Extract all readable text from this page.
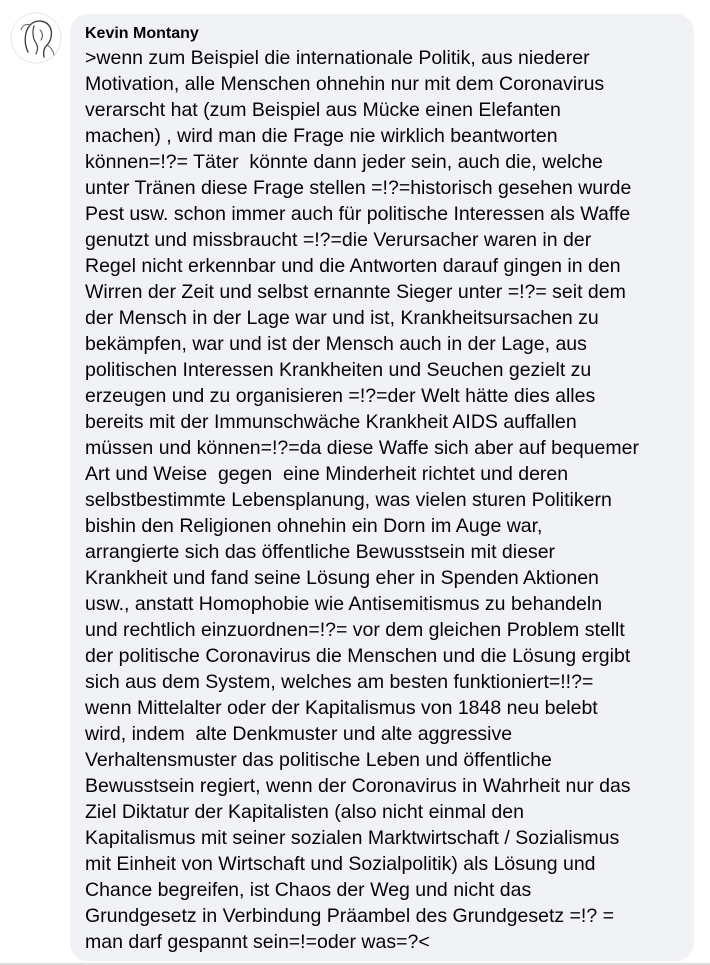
Kevin Montany
>wenn zum Beispiel die internationale Politik, aus niederer
Motivation, alle Menschen ohnehin nur mit dem Coronavirus
verarscht hat (zum Beispiel aus Mücke einen Elefanten
machen) , wird man die Frage nie wirklich beantworten
können=!?= Täter  könnte dann jeder sein, auch die, welche
unter Tränen diese Frage stellen =!?=historisch gesehen wurde
Pest usw. schon immer auch für politische Interessen als Waffe
genutzt und missbraucht =!?=die Verursacher waren in der
Regel nicht erkennbar und die Antworten darauf gingen in den
Wirren der Zeit und selbst ernannte Sieger unter =!?= seit dem
der Mensch in der Lage war und ist, Krankheitsursachen zu
bekämpfen, war und ist der Mensch auch in der Lage, aus
politischen Interessen Krankheiten und Seuchen gezielt zu
erzeugen und zu organisieren =!?=der Welt hätte dies alles
bereits mit der Immunschwäche Krankheit AIDS auffallen
müssen und können=!?=da diese Waffe sich aber auf bequemer
Art und Weise  gegen  eine Minderheit richtet und deren
selbstbestimmte Lebensplanung, was vielen sturen Politikern
bishin den Religionen ohnehin ein Dorn im Auge war,
arrangierte sich das öffentliche Bewusstsein mit dieser
Krankheit und fand seine Lösung eher in Spenden Aktionen
usw., anstatt Homophobie wie Antisemitismus zu behandeln
und rechtlich einzuordnen=!?= vor dem gleichen Problem stellt
der politische Coronavirus die Menschen und die Lösung ergibt
sich aus dem System, welches am besten funktioniert=!!?=
wenn Mittelalter oder der Kapitalismus von 1848 neu belebt
wird, indem  alte Denkmuster und alte aggressive
Verhaltensmuster das politische Leben und öffentliche
Bewusstsein regiert, wenn der Coronavirus in Wahrheit nur das
Ziel Diktatur der Kapitalisten (also nicht einmal den
Kapitalismus mit seiner sozialen Marktwirtschaft / Sozialismus
mit Einheit von Wirtschaft und Sozialpolitik) als Lösung und
Chance begreifen, ist Chaos der Weg und nicht das
Grundgesetz in Verbindung Präambel des Grundgesetz =!? =
man darf gespannt sein=!=oder was=?<
